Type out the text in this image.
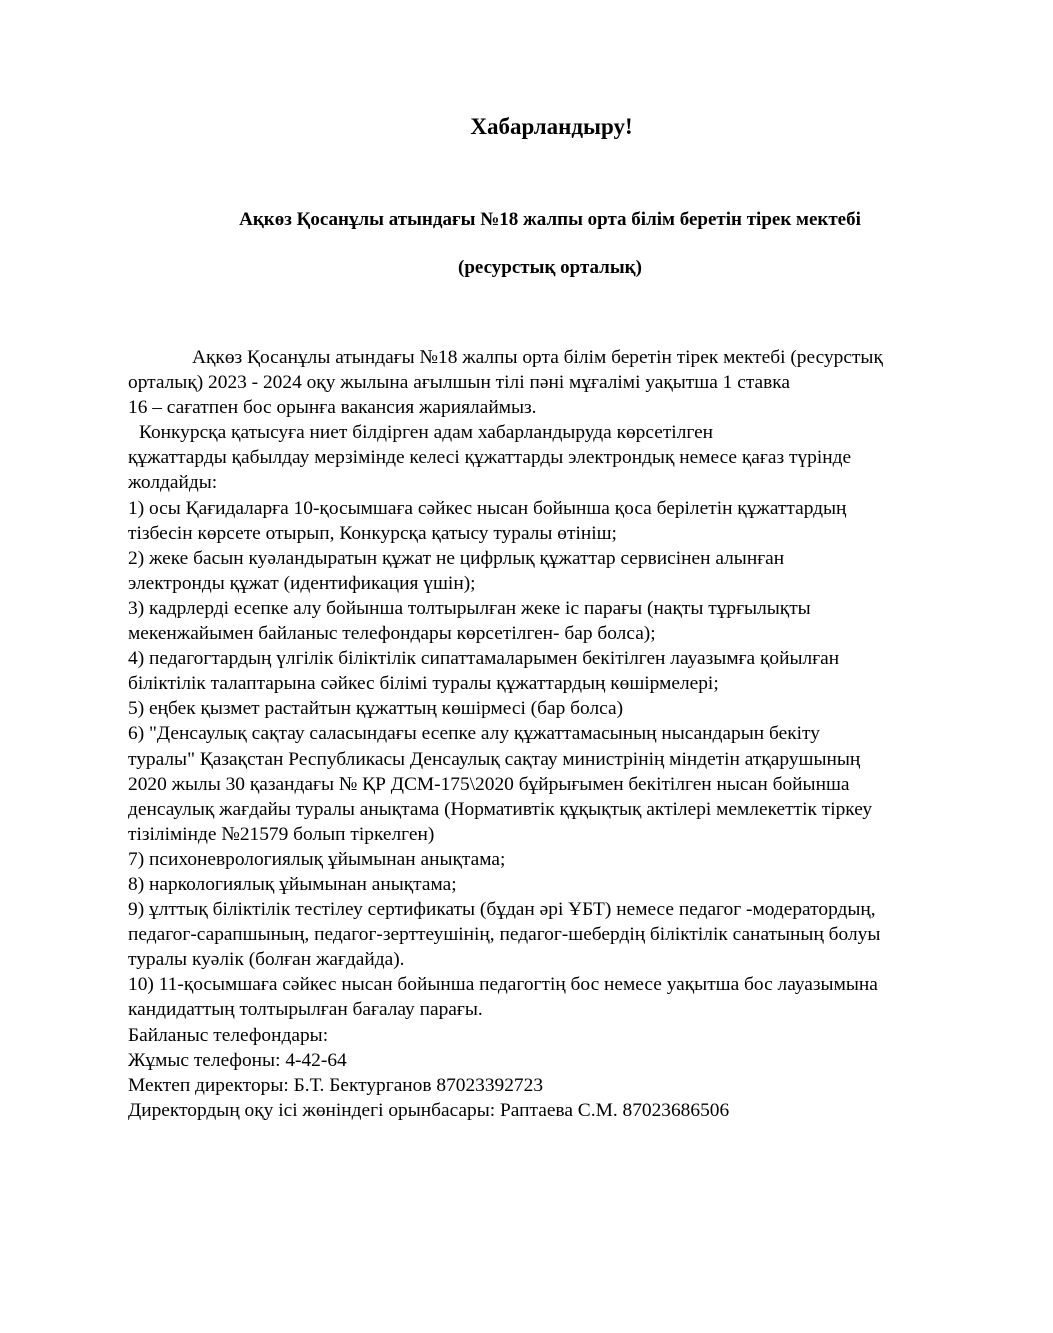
Хабарландыру!
Ақкөз Қосанұлы атындағы №18 жалпы орта білім беретін тірек мектебі
(ресурстық орталық)
Ақкөз Қосанұлы атындағы №18 жалпы орта білім беретін тірек мектебі (ресурстық
орталық) 2023 - 2024 оқу жылына ағылшын тілі пәні мұғалімі уақытша 1 ставка
16 – сағатпен бос орынға вакансия жариялаймыз.
Конкурсқа қатысуға ниет білдірген адам хабарландыруда көрсетілген
құжаттарды қабылдау мерзімінде келесі құжаттарды электрондық немесе қағаз түрінде
жолдайды:
1) осы Қағидаларға 10-қосымшаға сәйкес нысан бойынша қоса берілетін құжаттардың
тізбесін көрсете отырып, Конкурсқа қатысу туралы өтініш;
2) жеке басын куәландыратын құжат не цифрлық құжаттар сервисінен алынған
электронды құжат (идентификация үшін);
3) кадрлерді есепке алу бойынша толтырылған жеке іс парағы (нақты тұрғылықты
мекенжайымен байланыс телефондары көрсетілген- бар болса);
4) педагогтардың үлгілік біліктілік сипаттамаларымен бекітілген лауазымға қойылған
біліктілік талаптарына сәйкес білімі туралы құжаттардың көшірмелері;
5) еңбек қызмет растайтын құжаттың көшірмесі (бар болса)
6) "Денсаулық сақтау саласындағы есепке алу құжаттамасының нысандарын бекіту
туралы" Қазақстан Республикасы Денсаулық сақтау министрінің міндетін атқарушының
2020 жылы 30 қазандағы № ҚР ДСМ-175\2020 бұйрығымен бекітілген нысан бойынша
денсаулық жағдайы туралы анықтама (Нормативтік құқықтық актілері мемлекеттік тіркеу
тізілімінде №21579 болып тіркелген)
7) психоневрологиялық ұйымынан анықтама;
8) наркологиялық ұйымынан анықтама;
9) ұлттық біліктілік тестілеу сертификаты (бұдан әрі ҰБТ) немесе педагог -модератордың,
педагог-сарапшының, педагог-зерттеушінің, педагог-шебердің біліктілік санатының болуы
туралы куәлік (болған жағдайда).
10) 11-қосымшаға сәйкес нысан бойынша педагогтің бос немесе уақытша бос лауазымына
кандидаттың толтырылған бағалау парағы.
Байланыс телефондары:
Жұмыс телефоны: 4-42-64
Мектеп директоры: Б.Т. Бектурганов 87023392723
Директордың оқу ісі жөніндегі орынбасары: Раптаева С.М. 87023686506
